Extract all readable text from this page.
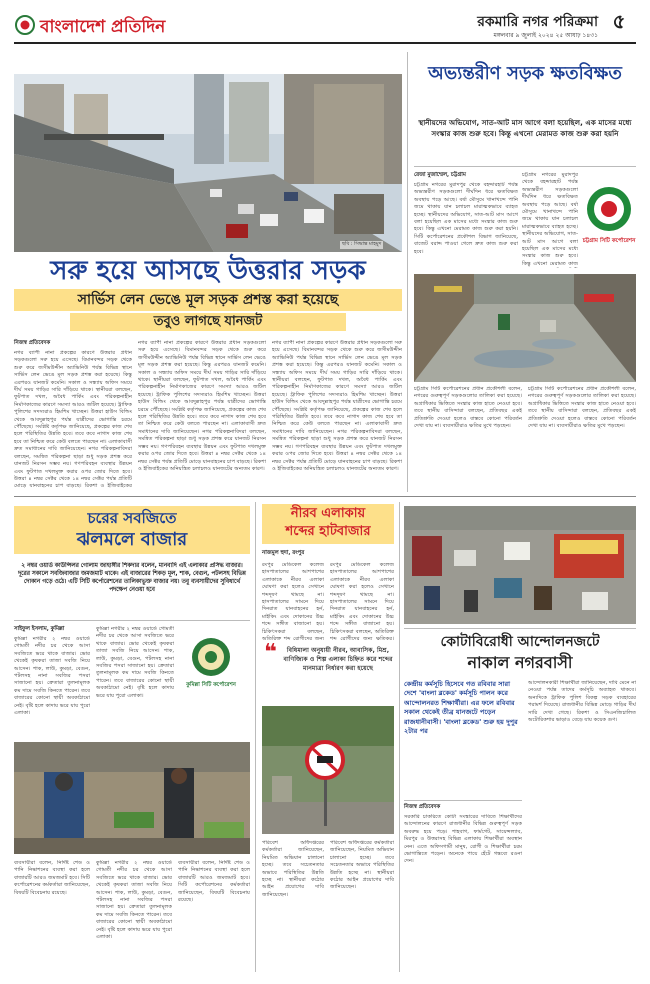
বাংলাদেশ প্রতিদিন	রকমারি নগর পরিক্রমা
মঙ্গলবার ৯ জুলাই ২০২৪ ২৫ আষাঢ় ১৪৩১
৫
ছবি : সিদ্ধান্ত মাহমুদ
সরু হয়ে আসছে উত্তরার সড়ক
সার্ভিস লেন ভেঙে মূল সড়ক প্রশস্ত করা হয়েছে
তবুও লাগছে যানজট
নিজস্ব প্রতিবেদক
নগর ব্যাপী নানা প্রকল্পের কারণে উত্তরার প্রধান সড়কগুলো সরু হয়ে এসেছে। বিমানবন্দর সড়ক থেকে শুরু করে জসীমউদ্দীন অ্যাভিনিউ পর্যন্ত বিভিন্ন স্থানে সার্ভিস লেন ভেঙে মূল সড়ক প্রশস্ত করা হয়েছে। কিন্তু এরপরও যানজট কমেনি। সকাল ও সন্ধ্যায় অফিস সময়ে দীর্ঘ সময় গাড়ির সারি দাঁড়িয়ে থাকে। স্থানীয়রা বলছেন, ফুটপাত দখল, অবৈধ পার্কিং এবং পরিকল্পনাহীন নির্মাণকাজের কারণে সমস্যা আরও জটিল হয়েছে। ট্রাফিক পুলিশের সদস্যরাও হিমশিম খাচ্ছেন। উত্তরা হাউস বিল্ডিং থেকে আবদুল্লাহপুর পর্যন্ত যাত্রীদের ভোগান্তি চরমে পৌঁছেছে। সংশ্লিষ্ট কর্তৃপক্ষ জানিয়েছে, প্রকল্পের কাজ শেষ হলে পরিস্থিতির উন্নতি হবে। তবে কবে নাগাদ কাজ শেষ হবে তা নিশ্চিত করে কেউ বলতে পারছেন না। এলাকাবাসী দ্রুত সমাধানের দাবি জানিয়েছেন। নগর পরিকল্পনাবিদরা বলছেন, সমন্বিত পরিকল্পনা ছাড়া শুধু সড়ক প্রশস্ত করে যানজট নিরসন সম্ভব নয়। গণপরিবহন ব্যবস্থার উন্নয়ন এবং ফুটপাত দখলমুক্ত করার ওপর জোর দিতে হবে। উত্তরা ৪ নম্বর সেক্টর থেকে ১৪ নম্বর সেক্টর পর্যন্ত প্রতিটি মোড়ে যানবাহনের চাপ বাড়ছে। রিকশা ও ইজিবাইকের
নগর ব্যাপী নানা প্রকল্পের কারণে উত্তরার প্রধান সড়কগুলো সরু হয়ে এসেছে। বিমানবন্দর সড়ক থেকে শুরু করে জসীমউদ্দীন অ্যাভিনিউ পর্যন্ত বিভিন্ন স্থানে সার্ভিস লেন ভেঙে মূল সড়ক প্রশস্ত করা হয়েছে। কিন্তু এরপরও যানজট কমেনি। সকাল ও সন্ধ্যায় অফিস সময়ে দীর্ঘ সময় গাড়ির সারি দাঁড়িয়ে থাকে। স্থানীয়রা বলছেন, ফুটপাত দখল, অবৈধ পার্কিং এবং পরিকল্পনাহীন নির্মাণকাজের কারণে সমস্যা আরও জটিল হয়েছে। ট্রাফিক পুলিশের সদস্যরাও হিমশিম খাচ্ছেন। উত্তরা হাউস বিল্ডিং থেকে আবদুল্লাহপুর পর্যন্ত যাত্রীদের ভোগান্তি চরমে পৌঁছেছে। সংশ্লিষ্ট কর্তৃপক্ষ জানিয়েছে, প্রকল্পের কাজ শেষ হলে পরিস্থিতির উন্নতি হবে। তবে কবে নাগাদ কাজ শেষ হবে তা নিশ্চিত করে কেউ বলতে পারছেন না। এলাকাবাসী দ্রুত সমাধানের দাবি জানিয়েছেন। নগর পরিকল্পনাবিদরা বলছেন, সমন্বিত পরিকল্পনা ছাড়া শুধু সড়ক প্রশস্ত করে যানজট নিরসন সম্ভব নয়। গণপরিবহন ব্যবস্থার উন্নয়ন এবং ফুটপাত দখলমুক্ত করার ওপর জোর দিতে হবে। উত্তরা ৪ নম্বর সেক্টর থেকে ১৪ নম্বর সেক্টর পর্যন্ত প্রতিটি মোড়ে যানবাহনের চাপ বাড়ছে। রিকশা ও ইজিবাইকের অনিয়ন্ত্রিত চলাচলও যানজটের অন্যতম কারণ।
নগর ব্যাপী নানা প্রকল্পের কারণে উত্তরার প্রধান সড়কগুলো সরু হয়ে এসেছে। বিমানবন্দর সড়ক থেকে শুরু করে জসীমউদ্দীন অ্যাভিনিউ পর্যন্ত বিভিন্ন স্থানে সার্ভিস লেন ভেঙে মূল সড়ক প্রশস্ত করা হয়েছে। কিন্তু এরপরও যানজট কমেনি। সকাল ও সন্ধ্যায় অফিস সময়ে দীর্ঘ সময় গাড়ির সারি দাঁড়িয়ে থাকে। স্থানীয়রা বলছেন, ফুটপাত দখল, অবৈধ পার্কিং এবং পরিকল্পনাহীন নির্মাণকাজের কারণে সমস্যা আরও জটিল হয়েছে। ট্রাফিক পুলিশের সদস্যরাও হিমশিম খাচ্ছেন। উত্তরা হাউস বিল্ডিং থেকে আবদুল্লাহপুর পর্যন্ত যাত্রীদের ভোগান্তি চরমে পৌঁছেছে। সংশ্লিষ্ট কর্তৃপক্ষ জানিয়েছে, প্রকল্পের কাজ শেষ হলে পরিস্থিতির উন্নতি হবে। তবে কবে নাগাদ কাজ শেষ হবে তা নিশ্চিত করে কেউ বলতে পারছেন না। এলাকাবাসী দ্রুত সমাধানের দাবি জানিয়েছেন। নগর পরিকল্পনাবিদরা বলছেন, সমন্বিত পরিকল্পনা ছাড়া শুধু সড়ক প্রশস্ত করে যানজট নিরসন সম্ভব নয়। গণপরিবহন ব্যবস্থার উন্নয়ন এবং ফুটপাত দখলমুক্ত করার ওপর জোর দিতে হবে। উত্তরা ৪ নম্বর সেক্টর থেকে ১৪ নম্বর সেক্টর পর্যন্ত প্রতিটি মোড়ে যানবাহনের চাপ বাড়ছে। রিকশা ও ইজিবাইকের অনিয়ন্ত্রিত চলাচলও যানজটের অন্যতম কারণ।
অভ্যন্তরীণ সড়ক ক্ষতবিক্ষত
স্থানীয়দের অভিযোগ, সাত-আট মাস আগে বলা হয়েছিল, এক মাসের মধ্যে সংস্কার কাজ শুরু হবে। কিন্তু এখনো মেরামত কাজ শুরু করা হয়নি
রেজা মুজাম্মেল, চট্টগ্রাম
চট্টগ্রাম নগরের মুরাদপুর থেকে বহদ্দারহাট পর্যন্ত অভ্যন্তরীণ সড়কগুলো দীর্ঘদিন ধরে ক্ষতবিক্ষত অবস্থায় পড়ে আছে। বর্ষা মৌসুমে খানাখন্দে পানি জমে থাকায় যান চলাচল মারাত্মকভাবে ব্যাহত হচ্ছে। স্থানীয়দের অভিযোগ, সাত-আট মাস আগে বলা হয়েছিল এক মাসের মধ্যে সংস্কার কাজ শুরু হবে। কিন্তু এখনো মেরামত কাজ শুরু করা হয়নি। সিটি কর্পোরেশনের প্রকৌশল বিভাগ জানিয়েছে, বাজেট বরাদ্দ পাওয়া গেলে দ্রুত কাজ শুরু করা হবে।
চট্টগ্রাম নগরের মুরাদপুর থেকে বহদ্দারহাট পর্যন্ত অভ্যন্তরীণ সড়কগুলো দীর্ঘদিন ধরে ক্ষতবিক্ষত অবস্থায় পড়ে আছে। বর্ষা মৌসুমে খানাখন্দে পানি জমে থাকায় যান চলাচল মারাত্মকভাবে ব্যাহত হচ্ছে। স্থানীয়দের অভিযোগ, সাত-আট মাস আগে বলা হয়েছিল এক মাসের মধ্যে সংস্কার কাজ শুরু হবে। কিন্তু এখনো মেরামত কাজ
চট্টগ্রাম সিটি কর্পোরেশন
চট্টগ্রাম সিটি কর্পোরেশনের প্রধান প্রকৌশলী বলেন, নগরের গুরুত্বপূর্ণ সড়কগুলোর তালিকা করা হয়েছে। অগ্রাধিকার ভিত্তিতে সংস্কার কাজ হাতে নেওয়া হবে। তবে স্থানীয় বাসিন্দারা বলছেন, প্রতিবছর একই প্রতিশ্রুতি দেওয়া হলেও বাস্তবে কোনো পরিবর্তন দেখা যায় না। ব্যবসায়ীরাও ক্ষতির মুখে পড়ছেন।
চট্টগ্রাম সিটি কর্পোরেশনের প্রধান প্রকৌশলী বলেন, নগরের গুরুত্বপূর্ণ সড়কগুলোর তালিকা করা হয়েছে। অগ্রাধিকার ভিত্তিতে সংস্কার কাজ হাতে নেওয়া হবে। তবে স্থানীয় বাসিন্দারা বলছেন, প্রতিবছর একই প্রতিশ্রুতি দেওয়া হলেও বাস্তবে কোনো পরিবর্তন দেখা যায় না। ব্যবসায়ীরাও ক্ষতির মুখে পড়ছেন।
চরের সবজিতে
ঝলমলে বাজার
২ নম্বর ওয়ার্ড কাউন্সিলর গোলাম জাহাঙ্গীর শিকদার বলেন, মানবাদি এই এলাকার প্রসিদ্ধ বাজার। দূরের সকালে সবজিবাজার জমজমাট থাকে। এই বাজারের শিকড় মূল, শাক, বেগুন, পটলসহ বিভিন্ন দোকান গড়ে ওঠে। এটি সিটি কর্পোরেশনের তালিকাভুক্ত বাজার নয়। তবু ব্যবসায়ীদের সুবিধার্থে পদক্ষেপ নেওয়া হবে
সাইফুল ইসলাম, কুমিল্লা
কুমিল্লা নগরীর ২ নম্বর ওয়ার্ডে গোমতী নদীর চর থেকে আসা সবজিতে ভরে থাকে বাজার। ভোর থেকেই কৃষকরা তাজা সবজি নিয়ে আসেন। শাক, লাউ, কুমড়া, বেগুন, পটলসহ নানা সবজির পসরা সাজানো হয়। ক্রেতারা তুলনামূলক কম দামে সবজি কিনতে পারেন। তবে বাজারের কোনো স্থায়ী অবকাঠামো নেই। বৃষ্টি হলে কাদায় ভরে যায় পুরো এলাকা।
কুমিল্লা নগরীর ২ নম্বর ওয়ার্ডে গোমতী নদীর চর থেকে আসা সবজিতে ভরে থাকে বাজার। ভোর থেকেই কৃষকরা তাজা সবজি নিয়ে আসেন। শাক, লাউ, কুমড়া, বেগুন, পটলসহ নানা সবজির পসরা সাজানো হয়। ক্রেতারা তুলনামূলক কম দামে সবজি কিনতে পারেন। তবে বাজারের কোনো স্থায়ী অবকাঠামো নেই। বৃষ্টি হলে কাদায় ভরে যায় পুরো এলাকা।
কুমিল্লা সিটি কর্পোরেশন
ব্যবসায়ীরা বলেন, নির্দিষ্ট শেড ও পানি নিষ্কাশনের ব্যবস্থা করা হলে বাজারটি আরও জমজমাট হবে। সিটি কর্পোরেশনের কর্মকর্তারা জানিয়েছেন, বিষয়টি বিবেচনায় রয়েছে।
কুমিল্লা নগরীর ২ নম্বর ওয়ার্ডে গোমতী নদীর চর থেকে আসা সবজিতে ভরে থাকে বাজার। ভোর থেকেই কৃষকরা তাজা সবজি নিয়ে আসেন। শাক, লাউ, কুমড়া, বেগুন, পটলসহ নানা সবজির পসরা সাজানো হয়। ক্রেতারা তুলনামূলক কম দামে সবজি কিনতে পারেন। তবে বাজারের কোনো স্থায়ী অবকাঠামো নেই। বৃষ্টি হলে কাদায় ভরে যায় পুরো এলাকা।
ব্যবসায়ীরা বলেন, নির্দিষ্ট শেড ও পানি নিষ্কাশনের ব্যবস্থা করা হলে বাজারটি আরও জমজমাট হবে। সিটি কর্পোরেশনের কর্মকর্তারা জানিয়েছেন, বিষয়টি বিবেচনায় রয়েছে।
নীরব এলাকায়
শব্দের হাটবাজার
নাজমুল হুদা, রংপুর
রংপুর মেডিকেল কলেজ হাসপাতালের আশপাশের এলাকাকে নীরব এলাকা ঘোষণা করা হলেও সেখানে শব্দদূষণ থামছে না। হাসপাতালের সামনে দিয়ে দিনরাত যানবাহনের হর্ন, মাইকিং এবং দোকানের উচ্চ শব্দে সঙ্গীত বাজানো হয়। চিকিৎসকরা বলছেন, অতিরিক্ত শব্দ রোগীদের জন্য
রংপুর মেডিকেল কলেজ হাসপাতালের আশপাশের এলাকাকে নীরব এলাকা ঘোষণা করা হলেও সেখানে শব্দদূষণ থামছে না। হাসপাতালের সামনে দিয়ে দিনরাত যানবাহনের হর্ন, মাইকিং এবং দোকানের উচ্চ শব্দে সঙ্গীত বাজানো হয়। চিকিৎসকরা বলছেন, অতিরিক্ত শব্দ রোগীদের জন্য ক্ষতিকর।
❝	বিধিমালা অনুযায়ী নীরব, আবাসিক, মিশ্র, বাণিজ্যিক ও শিল্প এলাকা চিহ্নিত করে শব্দের মানমাত্রা নির্ধারণ করা হয়েছে
পরিবেশ অধিদপ্তরের কর্মকর্তারা জানিয়েছেন, নিয়মিত অভিযান চালানো হচ্ছে। তবে সচেতনতার অভাবে পরিস্থিতির উন্নতি হচ্ছে না। স্থানীয়রা কঠোর আইন প্রয়োগের দাবি জানিয়েছেন।
পরিবেশ অধিদপ্তরের কর্মকর্তারা জানিয়েছেন, নিয়মিত অভিযান চালানো হচ্ছে। তবে সচেতনতার অভাবে পরিস্থিতির উন্নতি হচ্ছে না। স্থানীয়রা কঠোর আইন প্রয়োগের দাবি জানিয়েছেন।
কোটাবিরোধী আন্দোলনজটে
নাকাল নগরবাসী
কেন্দ্রীয় কর্মসূচি হিসেবে গত রবিবার সারা দেশে 'বাংলা ব্লকেড' কর্মসূচি পালন করে আন্দোলনরত শিক্ষার্থীরা। এর ফলে রবিবার সকাল থেকেই তীব্র যানজটে পড়েন রাজধানীবাসী। 'বাংলা ব্লকেড' শুরু হয় দুপুর ২টার পর
নিজস্ব প্রতিবেদক
সরকারি চাকরিতে কোটা সংস্কারের দাবিতে শিক্ষার্থীদের আন্দোলনের কারণে রাজধানীর বিভিন্ন গুরুত্বপূর্ণ সড়ক অবরুদ্ধ হয়ে পড়ে। শাহবাগ, ফার্মগেট, সায়েন্সল্যাব, মিরপুর ও উত্তরাসহ বিভিন্ন এলাকায় শিক্ষার্থীরা অবস্থান নেন। এতে অফিসগামী মানুষ, রোগী ও শিক্ষার্থীরা চরম ভোগান্তিতে পড়েন। অনেকে পায়ে হেঁটে গন্তব্যে রওনা দেন।
আন্দোলনকারী শিক্ষার্থীরা জানিয়েছেন, দাবি মেনে না নেওয়া পর্যন্ত তাদের কর্মসূচি অব্যাহত থাকবে। অন্যদিকে ট্রাফিক পুলিশ বিকল্প সড়ক ব্যবহারের পরামর্শ দিয়েছে। রাজধানীর বিভিন্ন মোড়ে গাড়ির দীর্ঘ সারি দেখা গেছে। রিকশা ও সিএনজিচালিত অটোরিকশার ভাড়াও বেড়ে যায় কয়েক গুণ।
